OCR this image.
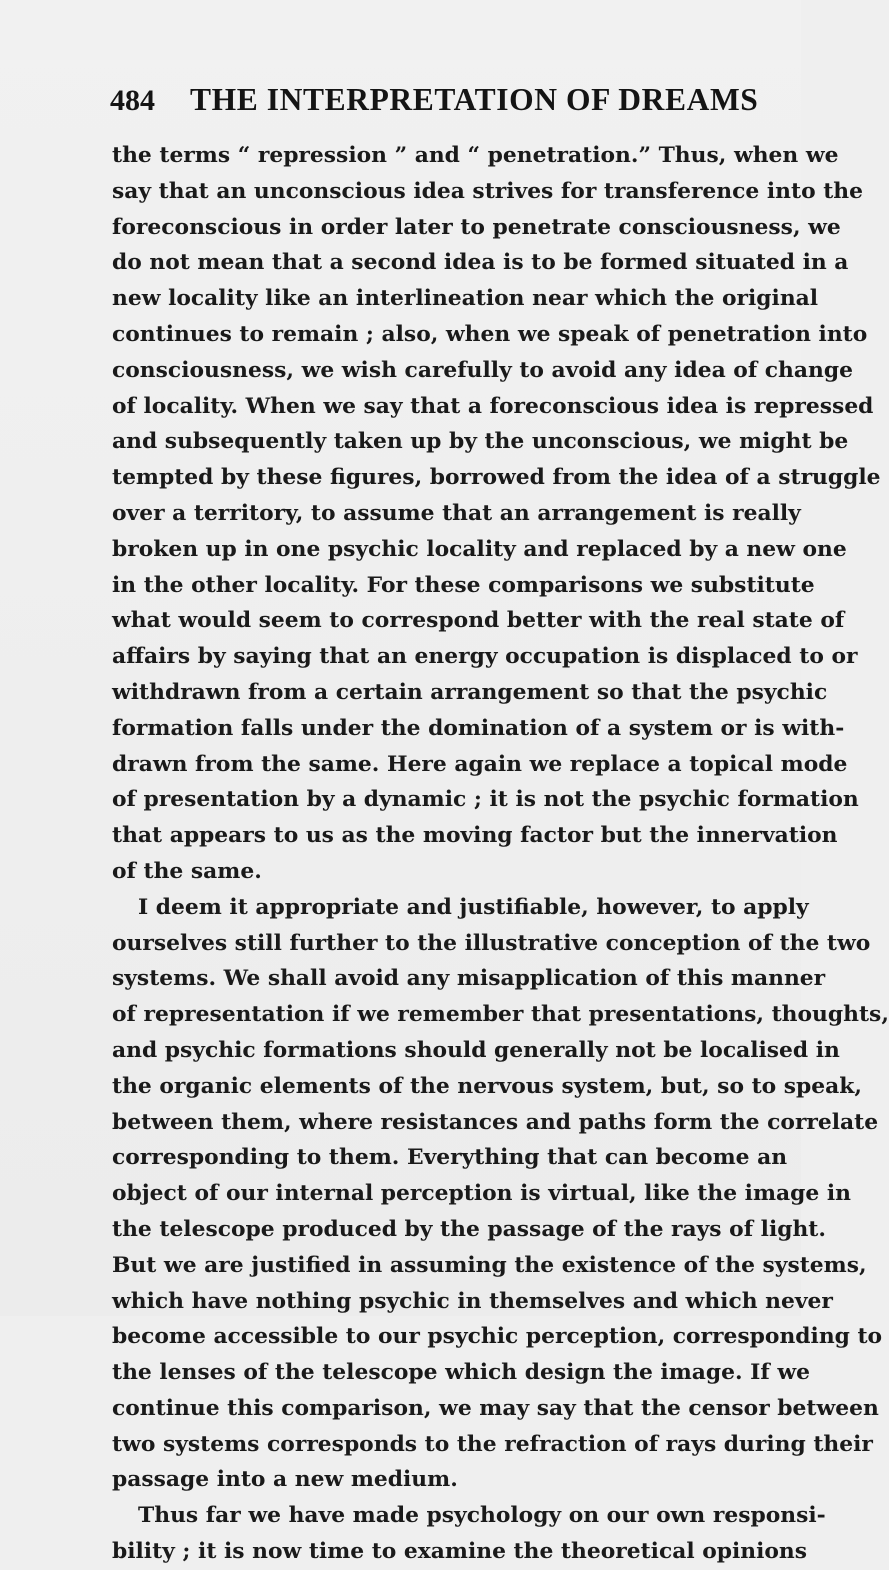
484	THE INTERPRETATION OF DREAMS
the terms “ repression ” and “ penetration.” Thus, when we
say that an unconscious idea strives for transference into the
foreconscious in order later to penetrate consciousness, we
do not mean that a second idea is to be formed situated in a
new locality like an interlineation near which the original
continues to remain ; also, when we speak of penetration into
consciousness, we wish carefully to avoid any idea of change
of locality. When we say that a foreconscious idea is repressed
and subsequently taken up by the unconscious, we might be
tempted by these figures, borrowed from the idea of a struggle
over a territory, to assume that an arrangement is really
broken up in one psychic locality and replaced by a new one
in the other locality. For these comparisons we substitute
what would seem to correspond better with the real state of
affairs by saying that an energy occupation is displaced to or
withdrawn from a certain arrangement so that the psychic
formation falls under the domination of a system or is with-
drawn from the same. Here again we replace a topical mode
of presentation by a dynamic ; it is not the psychic formation
that appears to us as the moving factor but the innervation
of the same.
I deem it appropriate and justifiable, however, to apply
ourselves still further to the illustrative conception of the two
systems. We shall avoid any misapplication of this manner
of representation if we remember that presentations, thoughts,
and psychic formations should generally not be localised in
the organic elements of the nervous system, but, so to speak,
between them, where resistances and paths form the correlate
corresponding to them. Everything that can become an
object of our internal perception is virtual, like the image in
the telescope produced by the passage of the rays of light.
But we are justified in assuming the existence of the systems,
which have nothing psychic in themselves and which never
become accessible to our psychic perception, corresponding to
the lenses of the telescope which design the image. If we
continue this comparison, we may say that the censor between
two systems corresponds to the refraction of rays during their
passage into a new medium.
Thus far we have made psychology on our own responsi-
bility ; it is now time to examine the theoretical opinions
